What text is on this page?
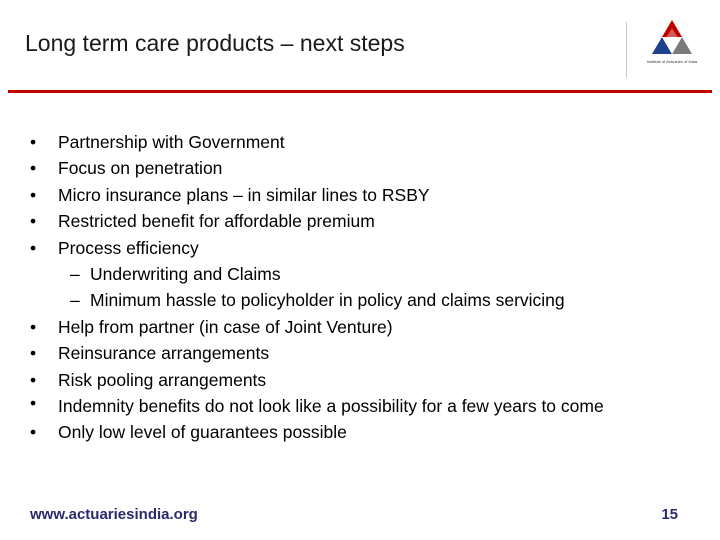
Long term care products – next steps
Institute of Actuaries of India
•	Partnership with Government
•	Focus on penetration
•	Micro insurance plans – in similar lines to RSBY
•	Restricted benefit for affordable premium
•	Process efficiency
– Underwriting and Claims
– Minimum hassle to policyholder in policy and claims servicing
•	Help from partner (in case of Joint Venture)
•	Reinsurance arrangements
•	Risk pooling arrangements
•	Indemnity benefits do not look like a possibility for a few years to come
•	Only low level of guarantees possible
www.actuariesindia.org	15
